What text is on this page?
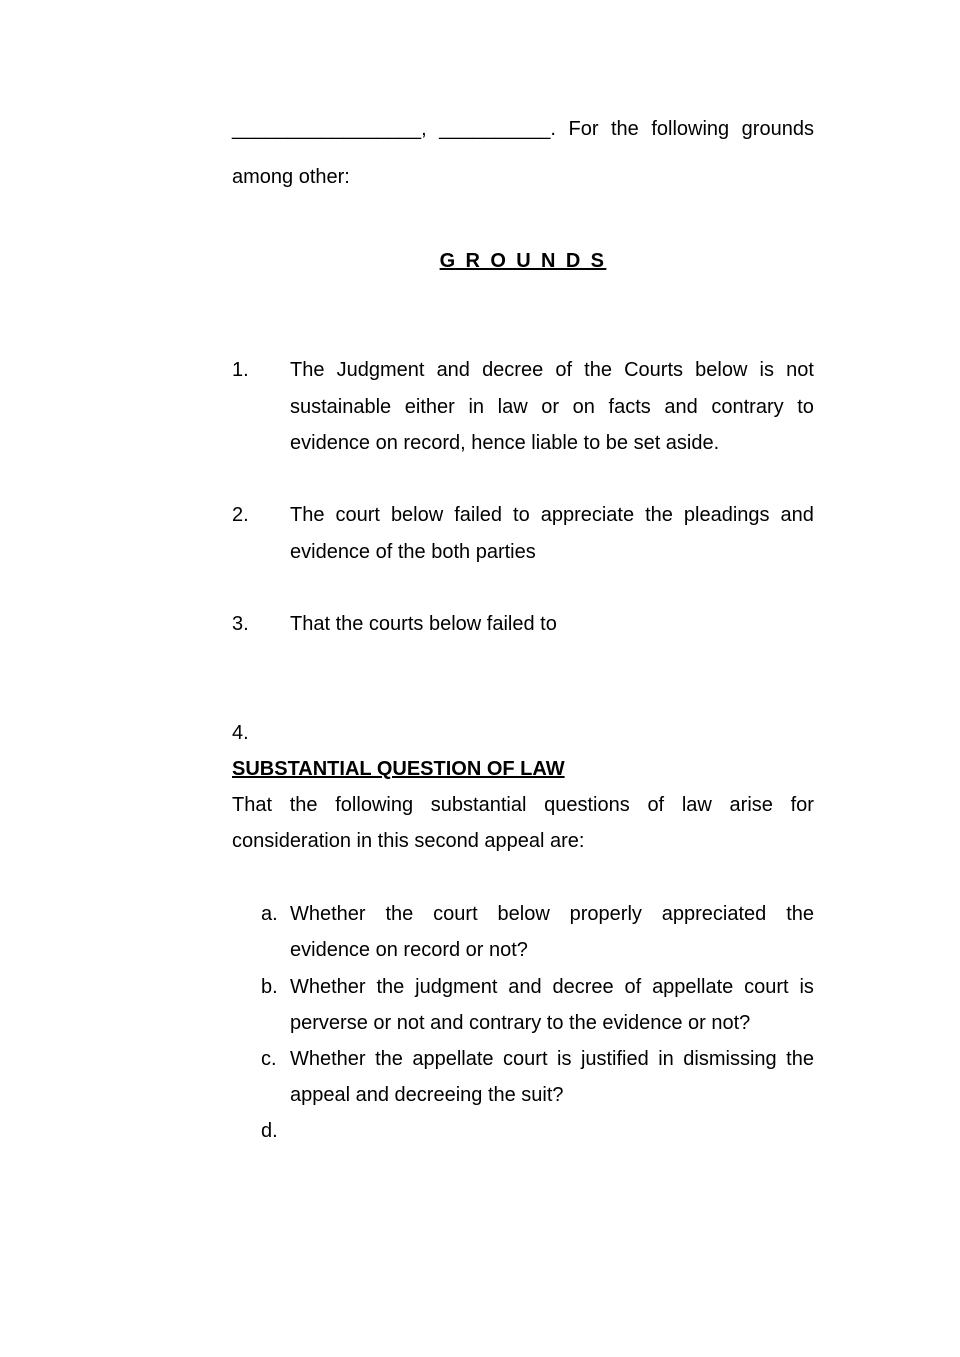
_________________, __________. For the following grounds
among other:
G R O U N D S
1. The Judgment and decree of the Courts below is not
sustainable either in law or on facts and contrary to
evidence on record, hence liable to be set aside.
2. The court below failed to appreciate the pleadings and
evidence of the both parties
3. That the courts below failed to
4.
SUBSTANTIAL QUESTION OF LAW
That the following substantial questions of law arise for
consideration in this second appeal are:
a. Whether the court below properly appreciated the
evidence on record or not?
b. Whether the judgment and decree of appellate court is
perverse or not and contrary to the evidence or not?
c. Whether the appellate court is justified in dismissing the
appeal and decreeing the suit?
d.
